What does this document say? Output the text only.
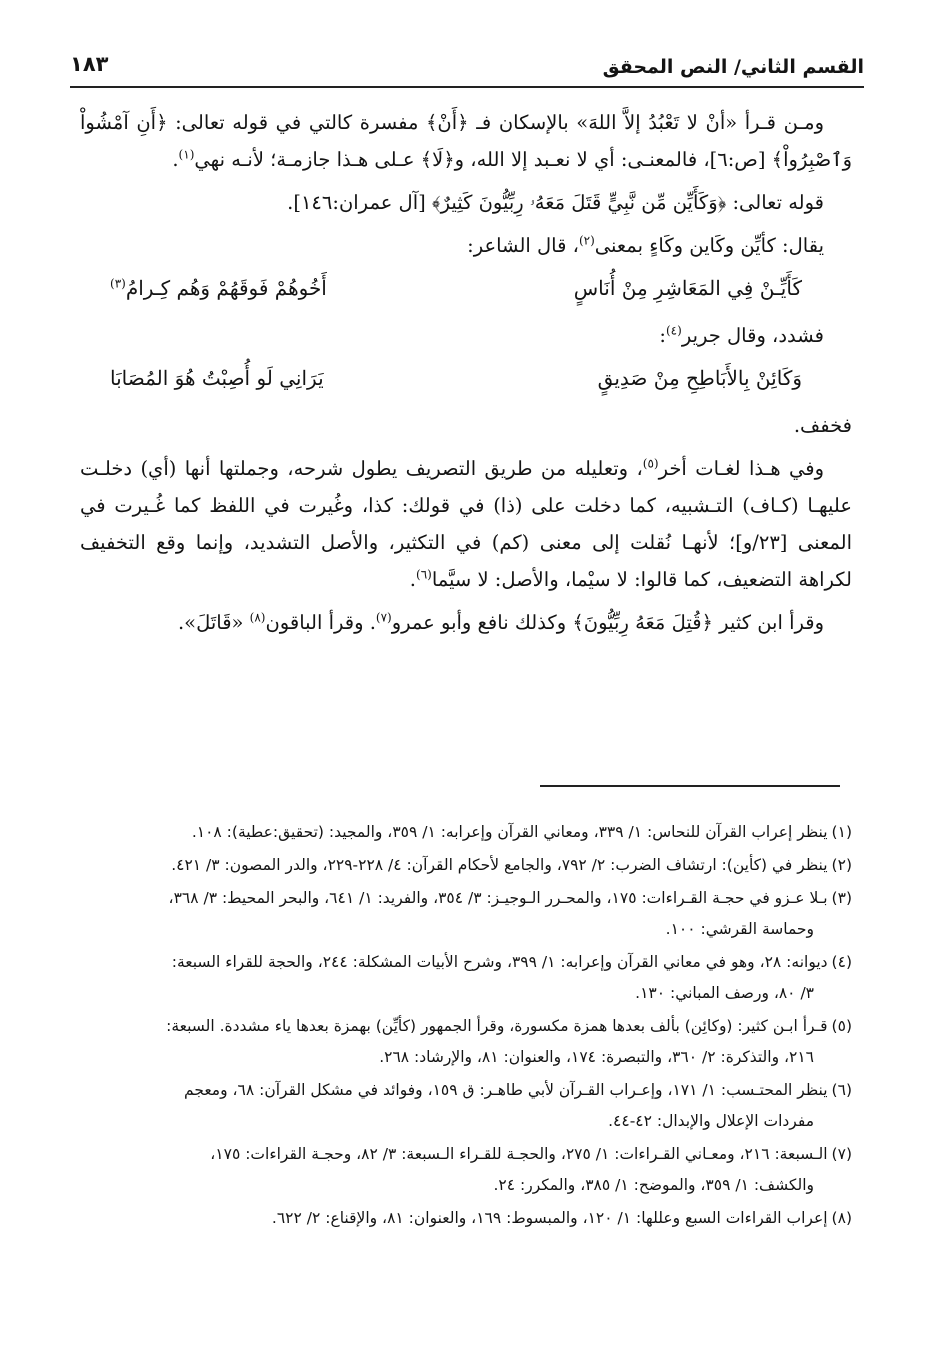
القسم الثاني/ النص المحقق
١٨٣

ومـن قـرأ «أنْ لا تَعْبُدُ إلاَّ اللهَ» بالإسكان فـ ﴿أَنْ﴾ مفسرة كالتي في قوله تعالى: ﴿أَنِ آمْشُواْ وَٱصْبِرُواْ﴾ [ص:٦]، فالمعنـى: أي لا نعـبد إلا الله، و﴿لَا﴾ عـلى هـذا جازمـة؛ لأنـه نهي$^{(١)}$.

قوله تعالى: ﴿وَكَأَيِّن مِّن نَّبِيٍّ قَتَلَ مَعَهُۥ رِبِّيُّونَ كَثِيرٌ﴾ [آل عمران:١٤٦].

يقال: كأيِّن وكَاين وكَاءٍ بمعنى$^{(٢)}$، قال الشاعر:

كَأَيِّـنْ فِي المَعَاشِرِ مِنْ أُنَاسٍ
أَخُوهُمْ فَوقَهُمْ وَهُم كِـرامُ$^{(٣)}$

فشدد، وقال جرير$^{(٤)}$:

وَكَائِنْ بِالأَبَاطِحِ مِنْ صَدِيقٍ
يَرَانِي لَو أُصِبْتُ هُوَ المُصَابَا

فخفف.

وفي هـذا لغـات أخر$^{(٥)}$، وتعليله من طريق التصريف يطول شرحه، وجملتها أنها (أي) دخلـت عليهـا (كـاف) التـشبيه، كما دخلت على (ذا) في قولك: كذا، وغُيرت في اللفظ كما غُـيرت في المعنى [٢٣/و]؛ لأنهـا نُقلت إلى معنى (كم) في التكثير، والأصل التشديد، وإنما وقع التخفيف لكراهة التضعيف، كما قالوا: لا سيْما، والأصل: لا سيَّما$^{(٦)}$.

وقرأ ابن كثير ﴿قُتِلَ مَعَهُ رِبِّيُّونَ﴾ وكذلك نافع وأبو عمرو$^{(٧)}$. وقرأ الباقون$^{(٨)}$ «قَاتَلَ».

(١)ينظر إعراب القرآن للنحاس: ١/ ٣٣٩، ومعاني القرآن وإعرابه: ١/ ٣٥٩، والمجيد: (تحقيق:عطية): ١٠٨.

(٢)ينظر في (كأين): ارتشاف الضرب: ٢/ ٧٩٢، والجامع لأحكام القرآن: ٤/ ٢٢٨-٢٢٩، والدر المصون: ٣/ ٤٢١.

(٣)بـلا عـزو في حجـة القـراءات: ١٧٥، والمحـرر الـوجيـز: ٣/ ٣٥٤، والفريد: ١/ ٦٤١، والبحر المحيط: ٣/ ٣٦٨،
وحماسة القرشي: ١٠٠.

(٤)ديوانه: ٢٨، وهو في معاني القرآن وإعرابه: ١/ ٣٩٩، وشرح الأبيات المشكلة: ٢٤٤، والحجة للقراء السبعة:
٣/ ٨٠، ورصف المباني: ١٣٠.

(٥)قـرأ ابـن كثير: (وكائِن) بألف بعدها همزة مكسورة، وقرأ الجمهور (كأيِّن) بهمزة بعدها ياء مشددة. السبعة:
٢١٦، والتذكرة: ٢/ ٣٦٠، والتبصرة: ١٧٤، والعنوان: ٨١، والإرشاد: ٢٦٨.

(٦)ينظر المحتـسب: ١/ ١٧١، وإعـراب القـرآن لأبي طاهـر: ق ١٥٩، وفوائد في مشكل القرآن: ٦٨، ومعجم
مفردات الإعلال والإبدال: ٤٢-٤٤.

(٧)الـسبعة: ٢١٦، ومعـاني القـراءات: ١/ ٢٧٥، والحجـة للقـراء الـسبعة: ٣/ ٨٢، وحجـة القراءات: ١٧٥،
والكشف: ١/ ٣٥٩، والموضح: ١/ ٣٨٥، والمكرر: ٢٤.

(٨)إعراب القراءات السبع وعللها: ١/ ١٢٠، والمبسوط: ١٦٩، والعنوان: ٨١، والإقناع: ٢/ ٦٢٢.
